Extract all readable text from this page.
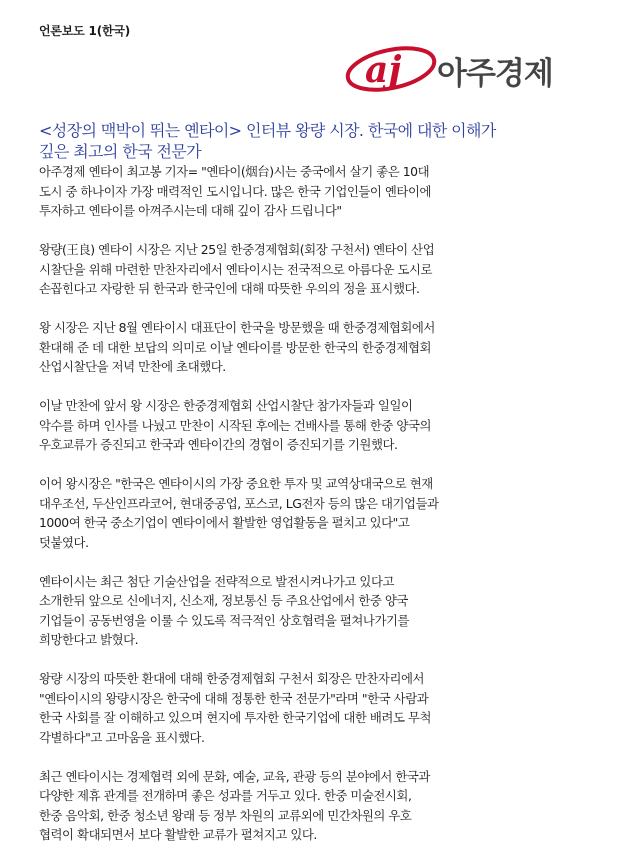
언론보도 1(한국)
aj 아주경제
<성장의 맥박이 뛰는 옌타이> 인터뷰 왕량 시장. 한국에 대한 이해가
깊은 최고의 한국 전문가
아주경제 옌타이 최고봉 기자= "옌타이(烟台)시는 중국에서 살기 좋은 10대
도시 중 하나이자 가장 매력적인 도시입니다. 많은 한국 기업인들이 옌타이에
투자하고 옌타이를 아껴주시는데 대해 깊이 감사 드립니다"
왕량(王良) 옌타이 시장은 지난 25일 한중경제협회(회장 구천서) 옌타이 산업
시찰단을 위해 마련한 만찬자리에서 옌타이시는 전국적으로 아름다운 도시로
손꼽힌다고 자랑한 뒤 한국과 한국인에 대해 따뜻한 우의의 정을 표시했다.
왕 시장은 지난 8월 옌타이시 대표단이 한국을 방문했을 때 한중경제협회에서
환대해 준 데 대한 보답의 의미로 이날 옌타이를 방문한 한국의 한중경제협회
산업시찰단을 저녁 만찬에 초대했다.
이날 만찬에 앞서 왕 시장은 한중경제협회 산업시찰단 참가자들과 일일이
악수를 하며 인사를 나눴고 만찬이 시작된 후에는 건배사를 통해 한중 양국의
우호교류가 증진되고 한국과 옌타이간의 경협이 증진되기를 기원했다.
이어 왕시장은 "한국은 옌타이시의 가장 중요한 투자 및 교역상대국으로 현재
대우조선, 두산인프라코어, 현대중공업, 포스코, LG전자 등의 많은 대기업들과
1000여 한국 중소기업이 옌타이에서 활발한 영업활동을 펼치고 있다"고
덧붙였다.
옌타이시는 최근 첨단 기술산업을 전략적으로 발전시켜나가고 있다고
소개한뒤 앞으로 신에너지, 신소재, 정보통신 등 주요산업에서 한중 양국
기업들이 공동번영을 이룰 수 있도록 적극적인 상호협력을 펼쳐나가기를
희망한다고 밝혔다.
왕량 시장의 따뜻한 환대에 대해 한중경제협회 구천서 회장은 만찬자리에서
"옌타이시의 왕량시장은 한국에 대해 정통한 한국 전문가"라며 "한국 사람과
한국 사회를 잘 이해하고 있으며 현지에 투자한 한국기업에 대한 배려도 무척
각별하다"고 고마움을 표시했다.
최근 옌타이시는 경제협력 외에 문화, 예술, 교육, 관광 등의 분야에서 한국과
다양한 제휴 관계를 전개하며 좋은 성과를 거두고 있다. 한중 미술전시회,
한중 음악회, 한중 청소년 왕래 등 정부 차원의 교류외에 민간차원의 우호
협력이 확대되면서 보다 활발한 교류가 펼쳐지고 있다.
